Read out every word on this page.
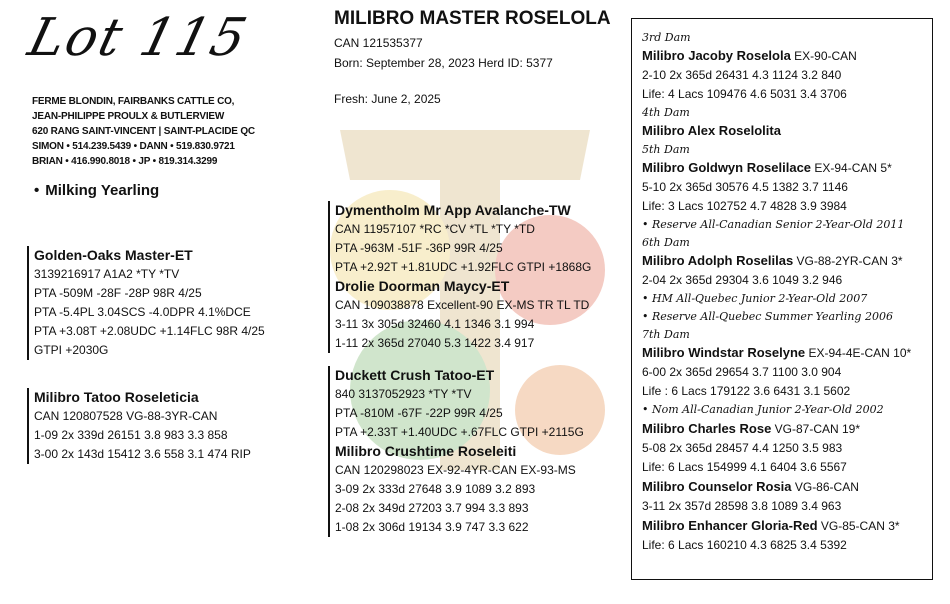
Lot 115
FERME BLONDIN, FAIRBANKS CATTLE CO,
JEAN-PHILIPPE PROULX & BUTLERVIEW
620 RANG SAINT-VINCENT | SAINT-PLACIDE QC
SIMON • 514.239.5439 • DANN • 519.830.9721
BRIAN • 416.990.8018 • JP • 819.314.3299
• Milking Yearling
MILIBRO MASTER ROSELOLA
CAN 121535377
Born: September 28, 2023 Herd ID: 5377
Fresh: June 2, 2025
Golden-Oaks Master-ET
3139216917 A1A2 *TY *TV
PTA -509M -28F -28P 98R 4/25
PTA -5.4PL 3.04SCS -4.0DPR 4.1%DCE
PTA +3.08T +2.08UDC +1.14FLC 98R 4/25
GTPI +2030G
Milibro Tatoo Roseleticia
CAN 120807528 VG-88-3YR-CAN
1-09 2x 339d 26151 3.8 983 3.3 858
3-00 2x 143d 15412 3.6 558 3.1 474 RIP
Dymentholm Mr App Avalanche-TW
CAN 11957107 *RC *CV *TL *TY *TD
PTA -963M -51F -36P 99R 4/25
PTA +2.92T +1.81UDC +1.92FLC GTPI +1868G
Drolie Doorman Maycy-ET
CAN 109038878 Excellent-90 EX-MS TR TL TD
3-11 3x 305d 32460 4.1 1346 3.1 994
1-11 2x 365d 27040 5.3 1422 3.4 917
Duckett Crush Tatoo-ET
840 3137052923 *TY *TV
PTA -810M -67F -22P 99R 4/25
PTA +2.33T +1.40UDC +.67FLC GTPI +2115G
Milibro Crushtime Roseleiti
CAN 120298023 EX-92-4YR-CAN EX-93-MS
3-09 2x 333d 27648 3.9 1089 3.2 893
2-08 2x 349d 27203 3.7 994 3.3 893
1-08 2x 306d 19134 3.9 747 3.3 622
3rd Dam
Milibro Jacoby Roselola EX-90-CAN
2-10 2x 365d 26431 4.3 1124 3.2 840
Life: 4 Lacs 109476 4.6 5031 3.4 3706
4th Dam
Milibro Alex Roselolita
5th Dam
Milibro Goldwyn Roselilace EX-94-CAN 5*
5-10 2x 365d 30576 4.5 1382 3.7 1146
Life: 3 Lacs 102752 4.7 4828 3.9 3984
• Reserve All-Canadian Senior 2-Year-Old 2011
6th Dam
Milibro Adolph Roselilas VG-88-2YR-CAN 3*
2-04 2x 365d 29304 3.6 1049 3.2 946
• HM All-Quebec Junior 2-Year-Old 2007
• Reserve All-Quebec Summer Yearling 2006
7th Dam
Milibro Windstar Roselyne EX-94-4E-CAN 10*
6-00 2x 365d 29654 3.7 1100 3.0 904
Life : 6 Lacs 179122 3.6 6431 3.1 5602
• Nom All-Canadian Junior 2-Year-Old 2002
Milibro Charles Rose VG-87-CAN 19*
5-08 2x 365d 28457 4.4 1250 3.5 983
Life: 6 Lacs 154999 4.1 6404 3.6 5567
Milibro Counselor Rosia VG-86-CAN
3-11 2x 357d 28598 3.8 1089 3.4 963
Milibro Enhancer Gloria-Red VG-85-CAN 3*
Life: 6 Lacs 160210 4.3 6825 3.4 5392
